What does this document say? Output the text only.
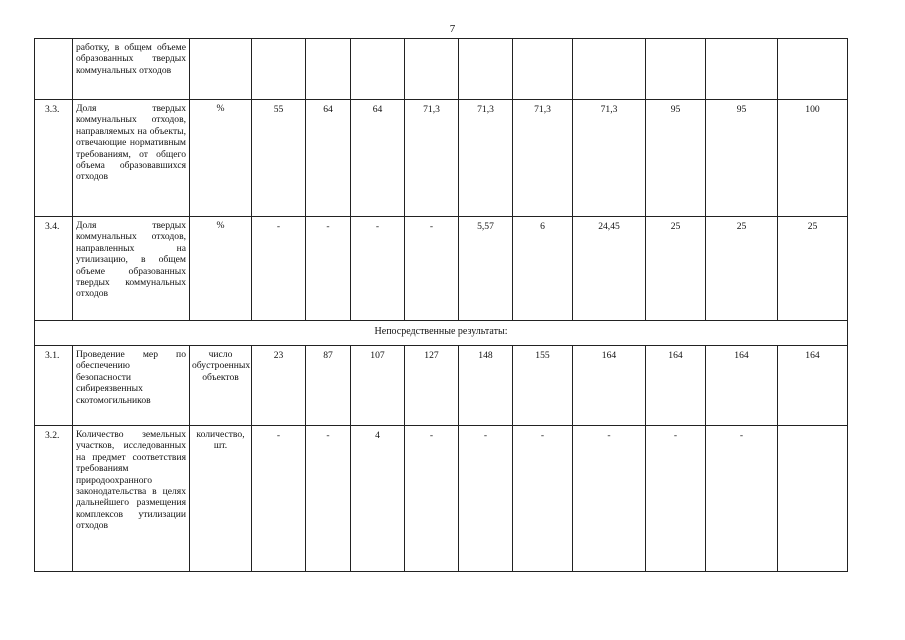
7
	работку, в общем объеме образованных твердых коммунальных отходов											
3.3.	Доля твердых коммунальных отходов, направляемых на объекты, отвечающие нормативным требованиям, от общего объема образовавшихся отходов	%	55	64	64	71,3	71,3	71,3	71,3	95	95	100
3.4.	Доля твердых коммунальных отходов, направленных на утилизацию, в общем объеме образованных твердых коммунальных отходов	%	-	-	-	-	5,57	6	24,45	25	25	25
Непосредственные результаты:												
3.1.	Проведение мер по обеспечению безопасности сибиреязвенных скотомогильников	число обустроенных объектов	23	87	107	127	148	155	164	164	164	164
3.2.	Количество земельных участков, исследованных на предмет соответствия требованиям природоохранного законодательства в целях дальнейшего размещения комплексов утилизации отходов	количество, шт.	-	-	4	-	-	-	-	-	-	
